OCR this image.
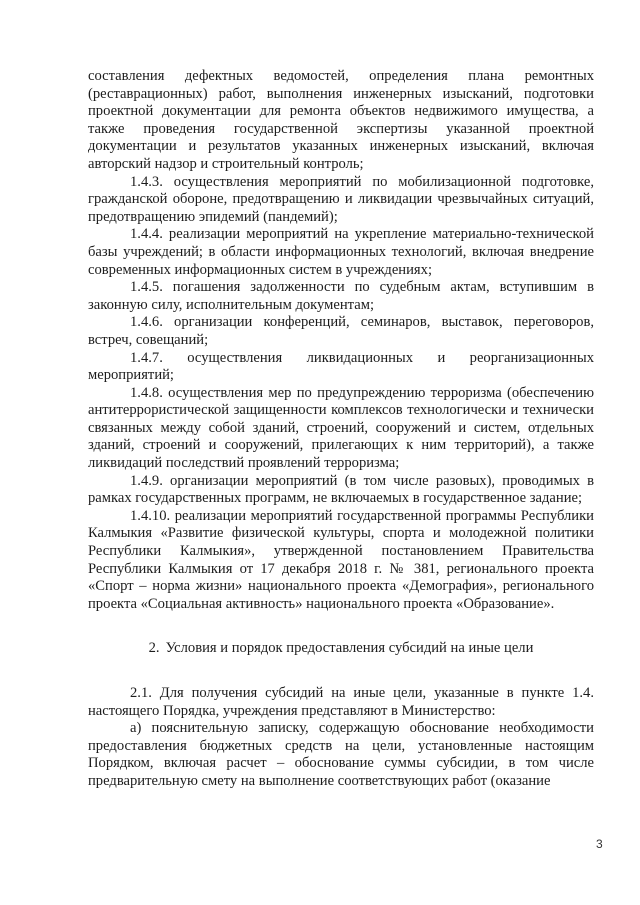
составления дефектных ведомостей, определения плана ремонтных (реставрационных) работ, выполнения инженерных изысканий, подготовки проектной документации для ремонта объектов недвижимого имущества, а также проведения государственной экспертизы указанной проектной документации и результатов указанных инженерных изысканий, включая авторский надзор и строительный контроль;

1.4.3. осуществления мероприятий по мобилизационной подготовке, гражданской обороне, предотвращению и ликвидации чрезвычайных ситуаций, предотвращению эпидемий (пандемий);

1.4.4. реализации мероприятий на укрепление материально-технической базы учреждений; в области информационных технологий, включая внедрение современных информационных систем в учреждениях;

1.4.5. погашения задолженности по судебным актам, вступившим в законную силу, исполнительным документам;

1.4.6. организации конференций, семинаров, выставок, переговоров, встреч, совещаний;

1.4.7. осуществления ликвидационных и реорганизационных мероприятий;

1.4.8. осуществления мер по предупреждению терроризма (обеспечению антитеррористической защищенности комплексов технологически и технически связанных между собой зданий, строений, сооружений и систем, отдельных зданий, строений и сооружений, прилегающих к ним территорий), а также ликвидаций последствий проявлений терроризма;

1.4.9. организации мероприятий (в том числе разовых), проводимых в рамках государственных программ, не включаемых в государственное задание;

1.4.10. реализации мероприятий государственной программы Республики Калмыкия «Развитие физической культуры, спорта и молодежной политики Республики Калмыкия», утвержденной постановлением Правительства Республики Калмыкия от 17 декабря 2018 г. № 381, регионального проекта «Спорт – норма жизни» национального проекта «Демография», регионального проекта «Социальная активность» национального проекта «Образование».

2. Условия и порядок предоставления субсидий на иные цели

2.1. Для получения субсидий на иные цели, указанные в пункте 1.4. настоящего Порядка, учреждения представляют в Министерство:

а) пояснительную записку, содержащую обоснование необходимости предоставления бюджетных средств на цели, установленные настоящим Порядком, включая расчет – обоснование суммы субсидии, в том числе предварительную смету на выполнение соответствующих работ (оказание

3
